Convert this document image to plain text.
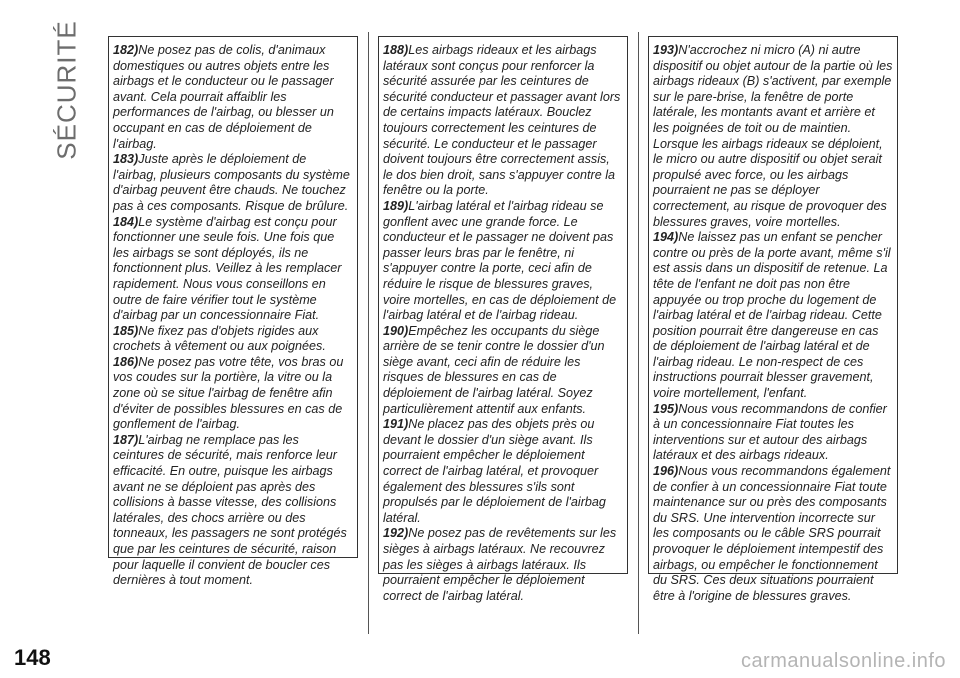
SÉCURITÉ	182)Ne posez pas de colis, d'animaux domestiques ou autres objets entre les airbags et le conducteur ou le passager avant. Cela pourrait affaiblir les performances de l'airbag, ou blesser un occupant en cas de déploiement de l'airbag.

183)Juste après le déploiement de l'airbag, plusieurs composants du système d'airbag peuvent être chauds. Ne touchez pas à ces composants. Risque de brûlure.

184)Le système d'airbag est conçu pour fonctionner une seule fois. Une fois que les airbags se sont déployés, ils ne fonctionnent plus. Veillez à les remplacer rapidement. Nous vous conseillons en outre de faire vérifier tout le système d'airbag par un concessionnaire Fiat.

185)Ne fixez pas d'objets rigides aux crochets à vêtement ou aux poignées.

186)Ne posez pas votre tête, vos bras ou vos coudes sur la portière, la vitre ou la zone où se situe l'airbag de fenêtre afin d'éviter de possibles blessures en cas de gonflement de l'airbag.

187)L'airbag ne remplace pas les ceintures de sécurité, mais renforce leur efficacité. En outre, puisque les airbags avant ne se déploient pas après des collisions à basse vitesse, des collisions latérales, des chocs arrière ou des tonneaux, les passagers ne sont protégés que par les ceintures de sécurité, raison pour laquelle il convient de boucler ces dernières à tout moment.

188)Les airbags rideaux et les airbags latéraux sont conçus pour renforcer la sécurité assurée par les ceintures de sécurité conducteur et passager avant lors de certains impacts latéraux. Bouclez toujours correctement les ceintures de sécurité. Le conducteur et le passager doivent toujours être correctement assis, le dos bien droit, sans s'appuyer contre la fenêtre ou la porte.

189)L'airbag latéral et l'airbag rideau se gonflent avec une grande force. Le conducteur et le passager ne doivent pas passer leurs bras par le fenêtre, ni s'appuyer contre la porte, ceci afin de réduire le risque de blessures graves, voire mortelles, en cas de déploiement de l'airbag latéral et de l'airbag rideau.

190)Empêchez les occupants du siège arrière de se tenir contre le dossier d'un siège avant, ceci afin de réduire les risques de blessures en cas de déploiement de l'airbag latéral. Soyez particulièrement attentif aux enfants.

191)Ne placez pas des objets près ou devant le dossier d'un siège avant. Ils pourraient empêcher le déploiement correct de l'airbag latéral, et provoquer également des blessures s'ils sont propulsés par le déploiement de l'airbag latéral.

192)Ne posez pas de revêtements sur les sièges à airbags latéraux. Ne recouvrez pas les sièges à airbags latéraux. Ils pourraient empêcher le déploiement correct de l'airbag latéral.

193)N'accrochez ni micro (A) ni autre dispositif ou objet autour de la partie où les airbags rideaux (B) s'activent, par exemple sur le pare-brise, la fenêtre de porte latérale, les montants avant et arrière et les poignées de toit ou de maintien. Lorsque les airbags rideaux se déploient, le micro ou autre dispositif ou objet serait propulsé avec force, ou les airbags pourraient ne pas se déployer correctement, au risque de provoquer des blessures graves, voire mortelles.

194)Ne laissez pas un enfant se pencher contre ou près de la porte avant, même s'il est assis dans un dispositif de retenue. La tête de l'enfant ne doit pas non être appuyée ou trop proche du logement de l'airbag latéral et de l'airbag rideau. Cette position pourrait être dangereuse en cas de déploiement de l'airbag latéral et de l'airbag rideau. Le non-respect de ces instructions pourrait blesser gravement, voire mortellement, l'enfant.

195)Nous vous recommandons de confier à un concessionnaire Fiat toutes les interventions sur et autour des airbags latéraux et des airbags rideaux.

196)Nous vous recommandons également de confier à un concessionnaire Fiat toute maintenance sur ou près des composants du SRS. Une intervention incorrecte sur les composants ou le câble SRS pourrait provoquer le déploiement intempestif des airbags, ou empêcher le fonctionnement du SRS. Ces deux situations pourraient être à l'origine de blessures graves.

148	carmanualsonline.info
